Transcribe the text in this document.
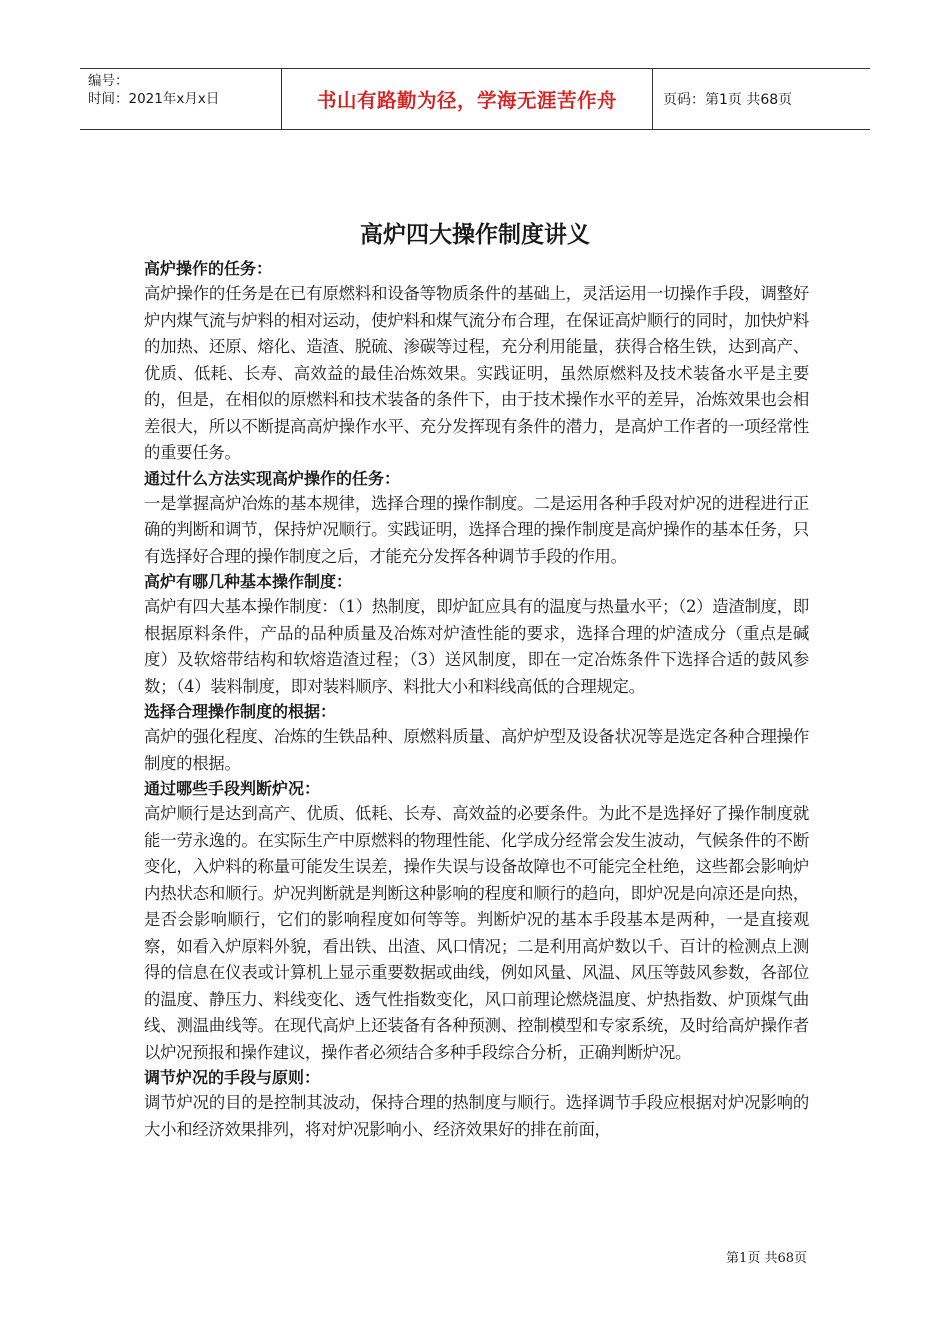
编号：
时间：2021年x月x日	书山有路勤为径，学海无涯苦作舟	页码：第1页 共68页
高炉四大操作制度讲义
高炉操作的任务：

高炉操作的任务是在已有原燃料和设备等物质条件的基础上，灵活运用一切操作手段，调整好炉内煤气流与炉料的相对运动，使炉料和煤气流分布合理，在保证高炉顺行的同时，加快炉料的加热、还原、熔化、造渣、脱硫、渗碳等过程，充分利用能量，获得合格生铁，达到高产、优质、低耗、长寿、高效益的最佳冶炼效果。实践证明，虽然原燃料及技术装备水平是主要的，但是，在相似的原燃料和技术装备的条件下，由于技术操作水平的差异，冶炼效果也会相差很大，所以不断提高高炉操作水平、充分发挥现有条件的潜力，是高炉工作者的一项经常性的重要任务。

通过什么方法实现高炉操作的任务：

一是掌握高炉冶炼的基本规律，选择合理的操作制度。二是运用各种手段对炉况的进程进行正确的判断和调节，保持炉况顺行。实践证明，选择合理的操作制度是高炉操作的基本任务，只有选择好合理的操作制度之后，才能充分发挥各种调节手段的作用。

高炉有哪几种基本操作制度：

高炉有四大基本操作制度：（1）热制度，即炉缸应具有的温度与热量水平；（2）造渣制度，即根据原料条件，产品的品种质量及冶炼对炉渣性能的要求，选择合理的炉渣成分（重点是碱度）及软熔带结构和软熔造渣过程；（3）送风制度，即在一定冶炼条件下选择合适的鼓风参数；（4）装料制度，即对装料顺序、料批大小和料线高低的合理规定。

选择合理操作制度的根据：

高炉的强化程度、冶炼的生铁品种、原燃料质量、高炉炉型及设备状况等是选定各种合理操作制度的根据。

通过哪些手段判断炉况：

高炉顺行是达到高产、优质、低耗、长寿、高效益的必要条件。为此不是选择好了操作制度就能一劳永逸的。在实际生产中原燃料的物理性能、化学成分经常会发生波动，气候条件的不断变化，入炉料的称量可能发生误差，操作失误与设备故障也不可能完全杜绝，这些都会影响炉内热状态和顺行。炉况判断就是判断这种影响的程度和顺行的趋向，即炉况是向凉还是向热，是否会影响顺行，它们的影响程度如何等等。判断炉况的基本手段基本是两种，一是直接观察，如看入炉原料外貌，看出铁、出渣、风口情况；二是利用高炉数以千、百计的检测点上测得的信息在仪表或计算机上显示重要数据或曲线，例如风量、风温、风压等鼓风参数，各部位的温度、静压力、料线变化、透气性指数变化，风口前理论燃烧温度、炉热指数、炉顶煤气曲线、测温曲线等。在现代高炉上还装备有各种预测、控制模型和专家系统，及时给高炉操作者以炉况预报和操作建议，操作者必须结合多种手段综合分析，正确判断炉况。

调节炉况的手段与原则：

调节炉况的目的是控制其波动，保持合理的热制度与顺行。选择调节手段应根据对炉况影响的大小和经济效果排列，将对炉况影响小、经济效果好的排在前面，

第1页 共68页
